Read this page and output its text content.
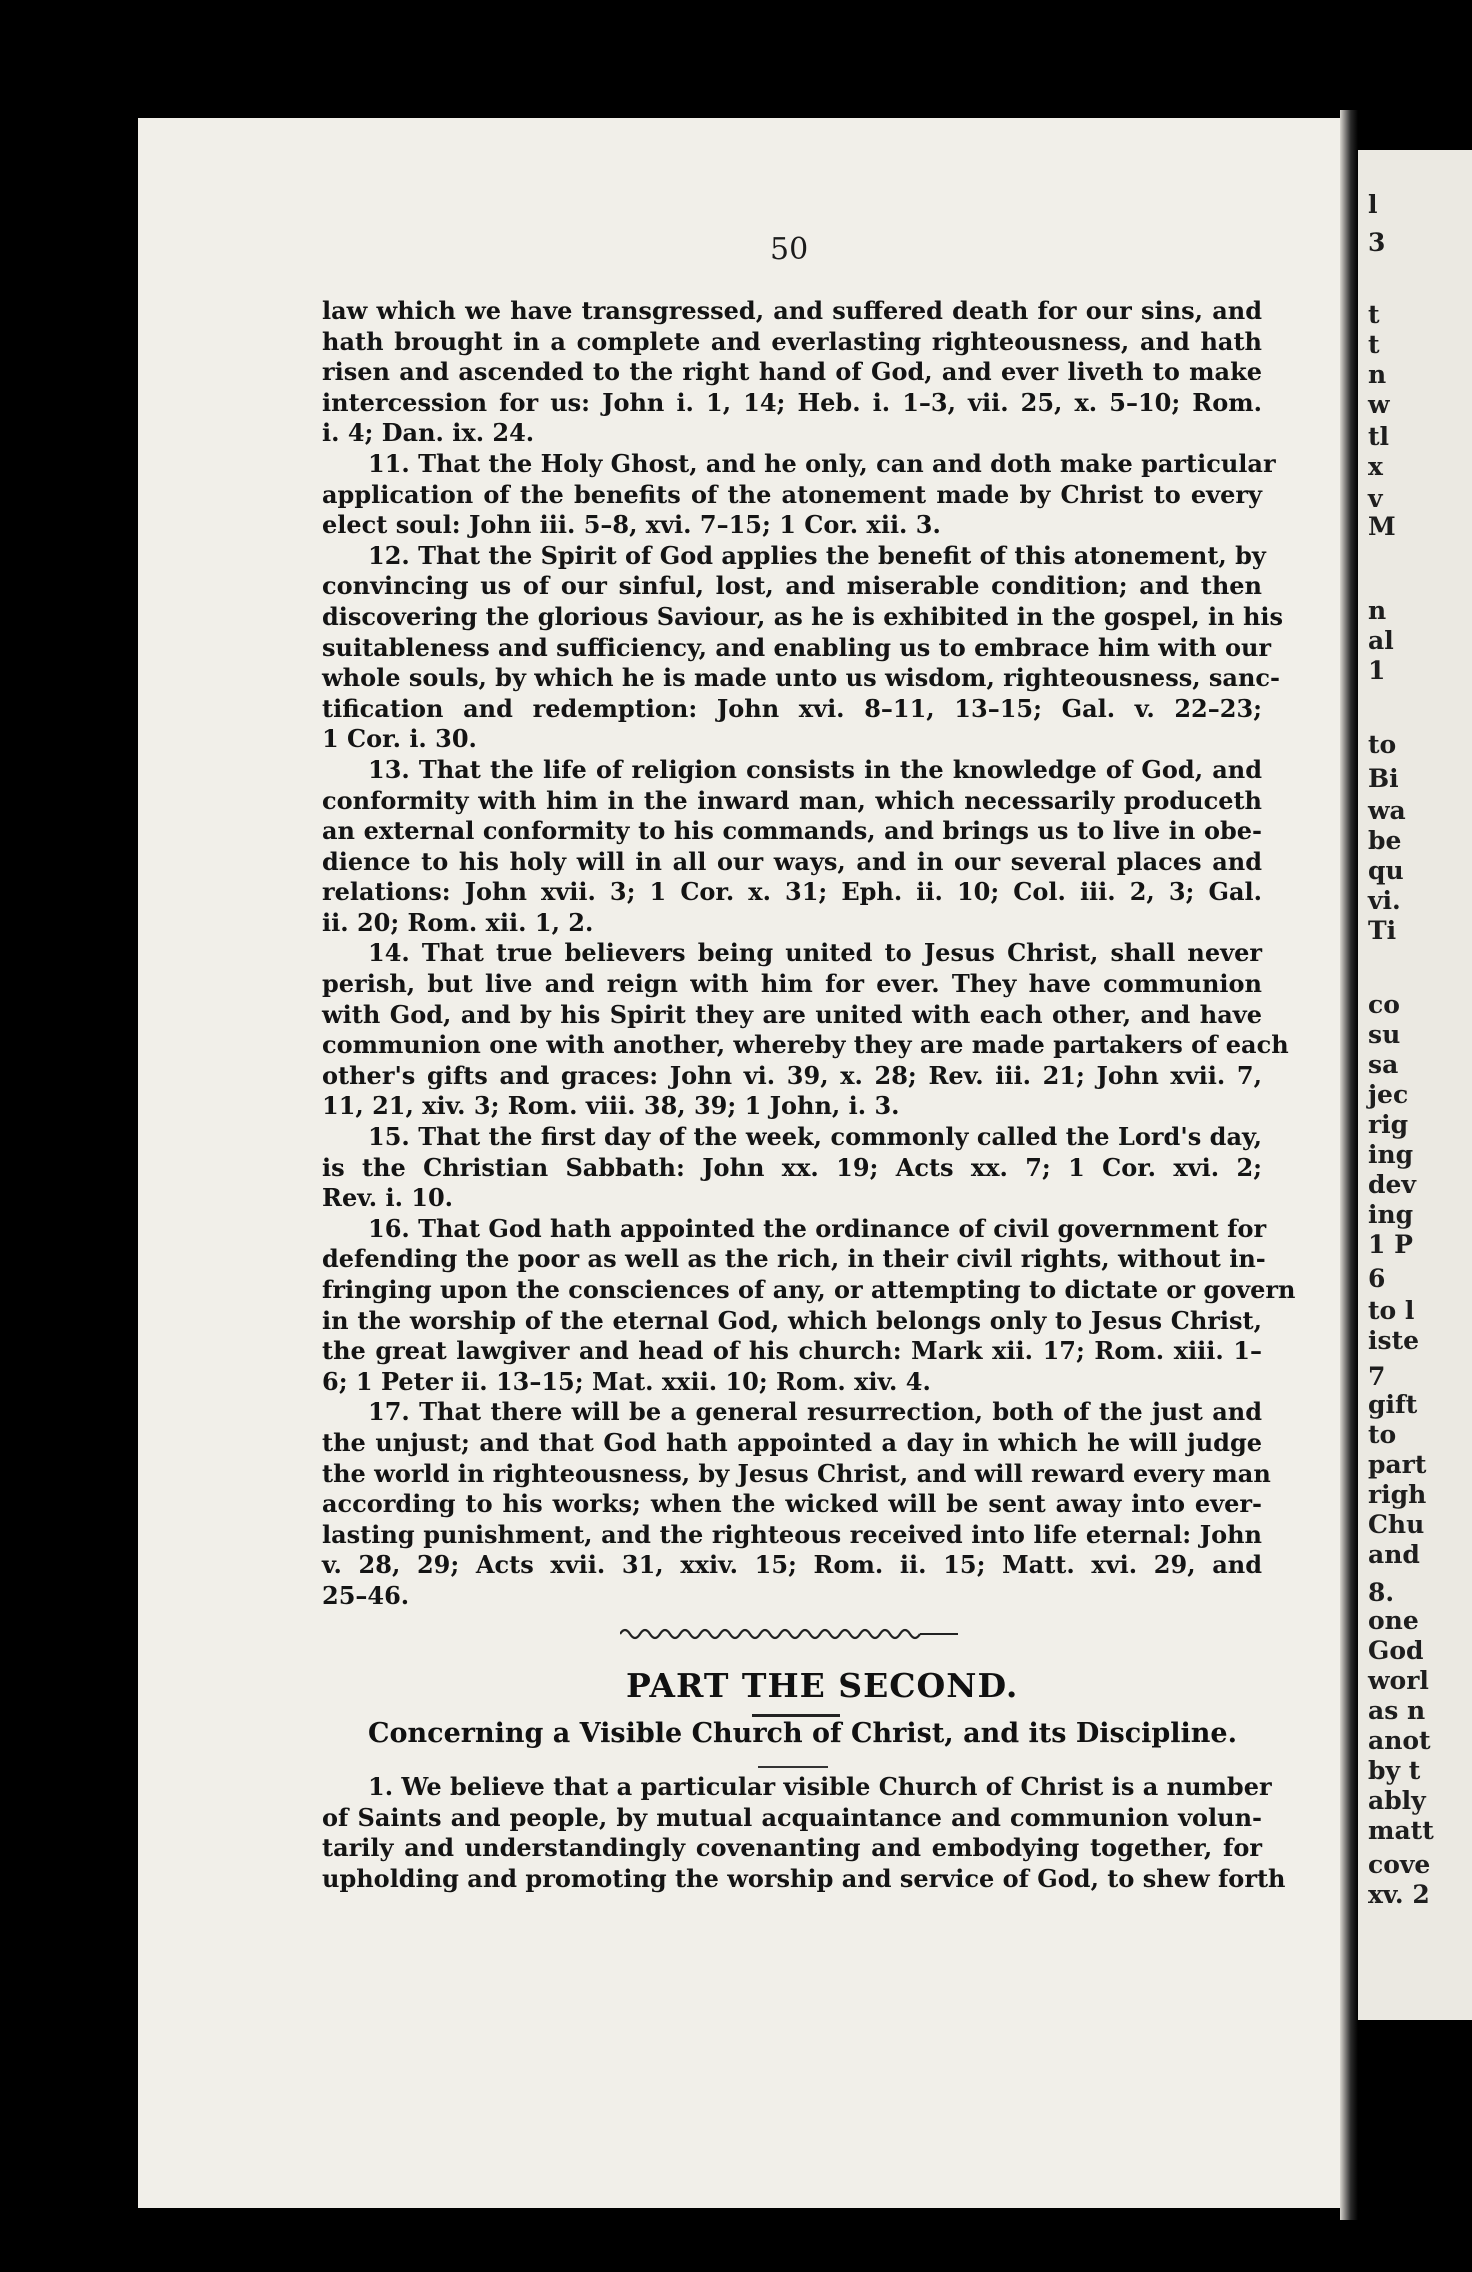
l
3
t
t
n
w
tl
x
v
M
n
al
1
to
Bi
wa
be
qu
vi.
Ti
co
su
sa
jec
rig
ing
dev
ing
1 P
6
to l
iste
7
gift
to
part
righ
Chu
and
8.
one
God
worl
as n
anot
by t
ably
matt
cove
xv. 2
50
law which we have transgressed, and suffered death for our sins, and
hath brought in a complete and everlasting righteousness, and hath
risen and ascended to the right hand of God, and ever liveth to make
intercession for us: John i. 1, 14; Heb. i. 1–3, vii. 25, x. 5–10; Rom.
i. 4; Dan. ix. 24.
11. That the Holy Ghost, and he only, can and doth make particular
application of the benefits of the atonement made by Christ to every
elect soul: John iii. 5–8, xvi. 7–15; 1 Cor. xii. 3.
12. That the Spirit of God applies the benefit of this atonement, by
convincing us of our sinful, lost, and miserable condition; and then
discovering the glorious Saviour, as he is exhibited in the gospel, in his
suitableness and sufficiency, and enabling us to embrace him with our
whole souls, by which he is made unto us wisdom, righteousness, sanc-
tification and redemption: John xvi. 8–11, 13–15; Gal. v. 22–23;
1 Cor. i. 30.
13. That the life of religion consists in the knowledge of God, and
conformity with him in the inward man, which necessarily produceth
an external conformity to his commands, and brings us to live in obe-
dience to his holy will in all our ways, and in our several places and
relations: John xvii. 3; 1 Cor. x. 31; Eph. ii. 10; Col. iii. 2, 3; Gal.
ii. 20; Rom. xii. 1, 2.
14. That true believers being united to Jesus Christ, shall never
perish, but live and reign with him for ever. They have communion
with God, and by his Spirit they are united with each other, and have
communion one with another, whereby they are made partakers of each
other's gifts and graces: John vi. 39, x. 28; Rev. iii. 21; John xvii. 7,
11, 21, xiv. 3; Rom. viii. 38, 39; 1 John, i. 3.
15. That the first day of the week, commonly called the Lord's day,
is the Christian Sabbath: John xx. 19; Acts xx. 7; 1 Cor. xvi. 2;
Rev. i. 10.
16. That God hath appointed the ordinance of civil government for
defending the poor as well as the rich, in their civil rights, without in-
fringing upon the consciences of any, or attempting to dictate or govern
in the worship of the eternal God, which belongs only to Jesus Christ,
the great lawgiver and head of his church: Mark xii. 17; Rom. xiii. 1–
6; 1 Peter ii. 13–15; Mat. xxii. 10; Rom. xiv. 4.
17. That there will be a general resurrection, both of the just and
the unjust; and that God hath appointed a day in which he will judge
the world in righteousness, by Jesus Christ, and will reward every man
according to his works; when the wicked will be sent away into ever-
lasting punishment, and the righteous received into life eternal: John
v. 28, 29; Acts xvii. 31, xxiv. 15; Rom. ii. 15; Matt. xvi. 29, and
25–46.
PART THE SECOND.
Concerning a Visible Church of Christ, and its Discipline.
1. We believe that a particular visible Church of Christ is a number
of Saints and people, by mutual acquaintance and communion volun-
tarily and understandingly covenanting and embodying together, for
upholding and promoting the worship and service of God, to shew forth
